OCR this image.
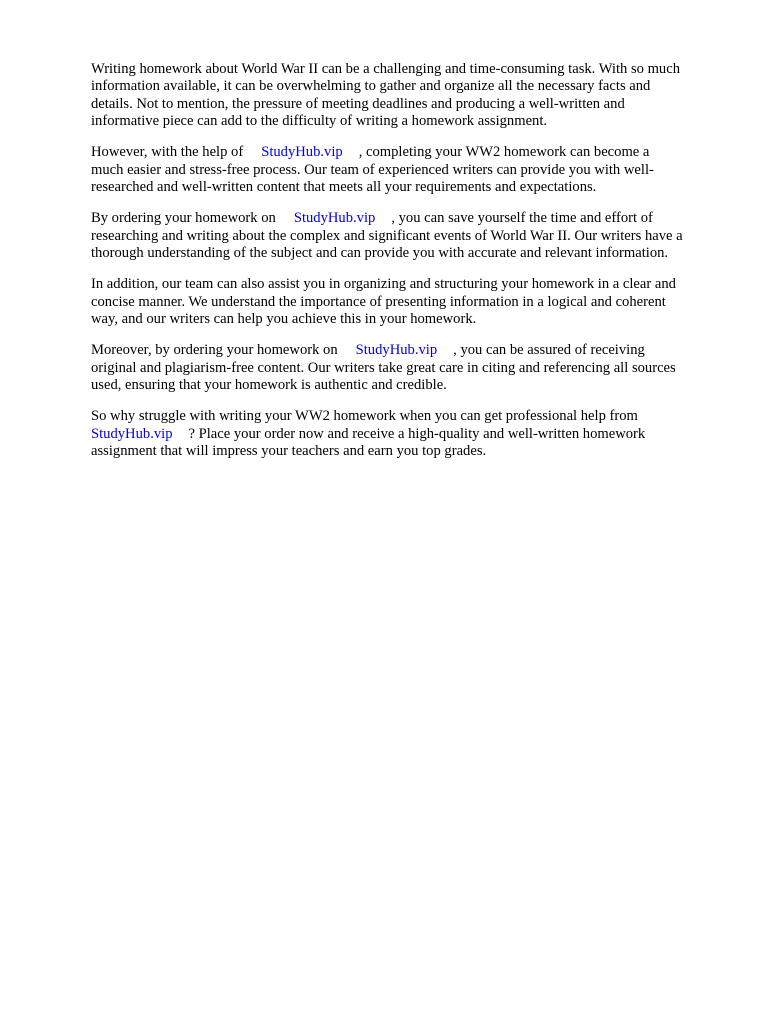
Writing homework about World War II can be a challenging and time-consuming task. With so much
information available, it can be overwhelming to gather and organize all the necessary facts and
details. Not to mention, the pressure of meeting deadlines and producing a well-written and
informative piece can add to the difficulty of writing a homework assignment.

However, with the help of StudyHub.vip , completing your WW2 homework can become a
much easier and stress-free process. Our team of experienced writers can provide you with well-
researched and well-written content that meets all your requirements and expectations.

By ordering your homework on StudyHub.vip , you can save yourself the time and effort of
researching and writing about the complex and significant events of World War II. Our writers have a
thorough understanding of the subject and can provide you with accurate and relevant information.

In addition, our team can also assist you in organizing and structuring your homework in a clear and
concise manner. We understand the importance of presenting information in a logical and coherent
way, and our writers can help you achieve this in your homework.

Moreover, by ordering your homework on StudyHub.vip , you can be assured of receiving
original and plagiarism-free content. Our writers take great care in citing and referencing all sources
used, ensuring that your homework is authentic and credible.

So why struggle with writing your WW2 homework when you can get professional help from
StudyHub.vip ? Place your order now and receive a high-quality and well-written homework
assignment that will impress your teachers and earn you top grades.
